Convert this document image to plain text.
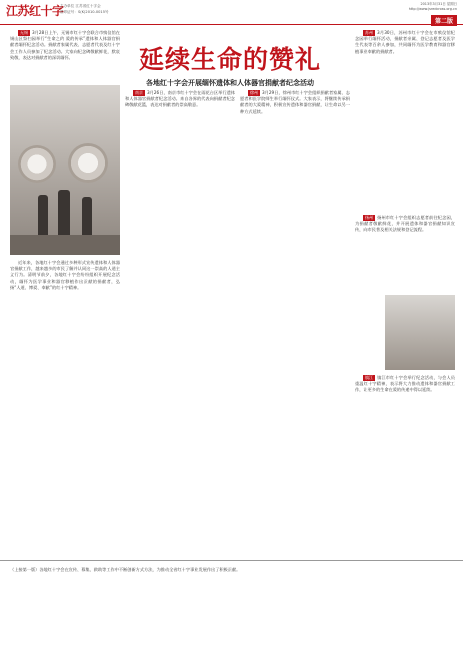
江苏红十字
主办单位 江苏省红十字会
准印证号：S(K)2010-0015号
2013年3月31日 星期日
http://www.jsredcross.org.cn
第二版
延续生命的赞礼
各地红十字会开展缅怀遗体和人体器官捐献者纪念活动

无锡 3月28日上午，无锡市红十字会联合市殡仪馆在锡山区祭扫园举行“生命之约 爱的传承”遗体和人体器官捐献者缅怀纪念活动。捐献者家属代表、志愿者代表及红十字会工作人员参加了纪念活动。大家向纪念碑敬献鲜花，默哀致敬，表达对捐献者的深切缅怀。

近年来，各地红十字会通过多种形式宣传遗体和人体器官捐献工作，越来越多的市民了解并认同这一崇高的人道主义行为。清明节前夕，各地红十字会纷纷组织开展纪念活动，缅怀为医学事业和器官移植作出贡献的捐献者，弘扬“人道、博爱、奉献”的红十字精神。

南京 3月26日，南京市红十字会在雨花台区举行遗体和人体器官捐献者纪念活动。来自各界的代表向捐献者纪念碑敬献花篮，表达对捐献者的崇高敬意。

徐州 3月29日，徐州市红十字会组织捐献者家属、志愿者和医学院师生举行缅怀仪式。大家表示，将继续传承捐献者的大爱精神，积极宣传遗体和器官捐献，让生命以另一种方式延续。

苏州 3月30日，苏州市红十字会在市殡仪馆纪念园举行缅怀活动，捐献者亲属、登记志愿者及医学生代表等百余人参加，共同缅怀为医学教育和器官移植事业奉献的捐献者。

扬州 扬州市红十字会组织志愿者前往纪念园，为捐献者敬献鲜花，并开展遗体和器官捐献知识宣传，向市民普及相关法规和登记流程。

镇江 镇江市红十字会举行纪念活动，与会人员重温红十字精神，表示将大力推动遗体和器官捐献工作，让更多的生命在爱的传递中得以延续。

（上接第一版）各地红十字会在宣传、募集、救助等工作中不断创新方式方法，为推动全省红十字事业发展作出了积极贡献。
